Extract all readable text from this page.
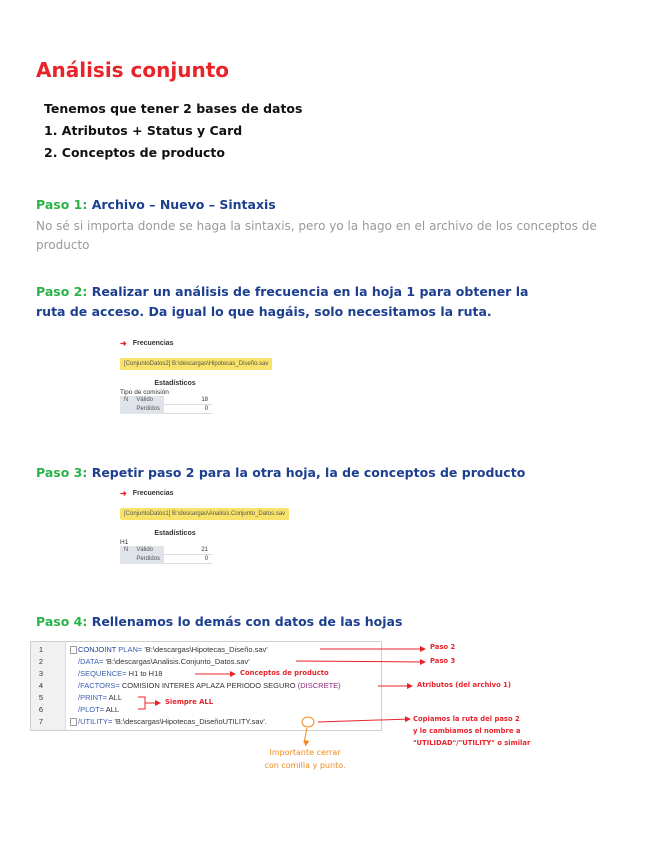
Análisis conjunto
Tenemos que tener 2 bases de datos
1. Atributos + Status y Card
2. Conceptos de producto
Paso 1: Archivo – Nuevo – Sintaxis
No sé si importa donde se haga la sintaxis, pero yo la hago en el archivo de los conceptos de producto
Paso 2: Realizar un análisis de frecuencia en la hoja 1 para obtener la
ruta de acceso. Da igual lo que hagáis, solo necesitamos la ruta.
➜ Frecuencias
[ConjuntoDatos2] B:\descargas\Hipotecas_Diseño.sav
Estadísticos
Tipo de comisión
N	Válido	18
	Perdidos	0
Paso 3: Repetir paso 2 para la otra hoja, la de conceptos de producto
➜ Frecuencias
[ConjuntoDatos1] B:\descargas\Analisis.Conjunto_Datos.sav
Estadísticos
H1
N	Válido	21
	Perdidos	0
Paso 4: Rellenamos lo demás con datos de las hojas
1	CONJOINT PLAN= 'B:\descargas\Hipotecas_Diseño.sav'
2	/DATA= 'B:\descargas\Analisis.Conjunto_Datos.sav'
3	/SEQUENCE= H1 to H18
4	/FACTORS= COMISION INTERES APLAZA PERIODO SEGURO (DISCRETE)
5	/PRINT= ALL
6	/PLOT= ALL
7	/UTILITY= 'B:\descargas\Hipotecas_DiseñoUTILITY.sav'.
Paso 2
Paso 3
Conceptos de producto
Atributos (del archivo 1)
Siempre ALL
Copiamos la ruta del paso 2
y le cambiamos el nombre a
"UTILIDAD"/"UTILITY" o similar
Importante cerrar
con comilla y punto.
